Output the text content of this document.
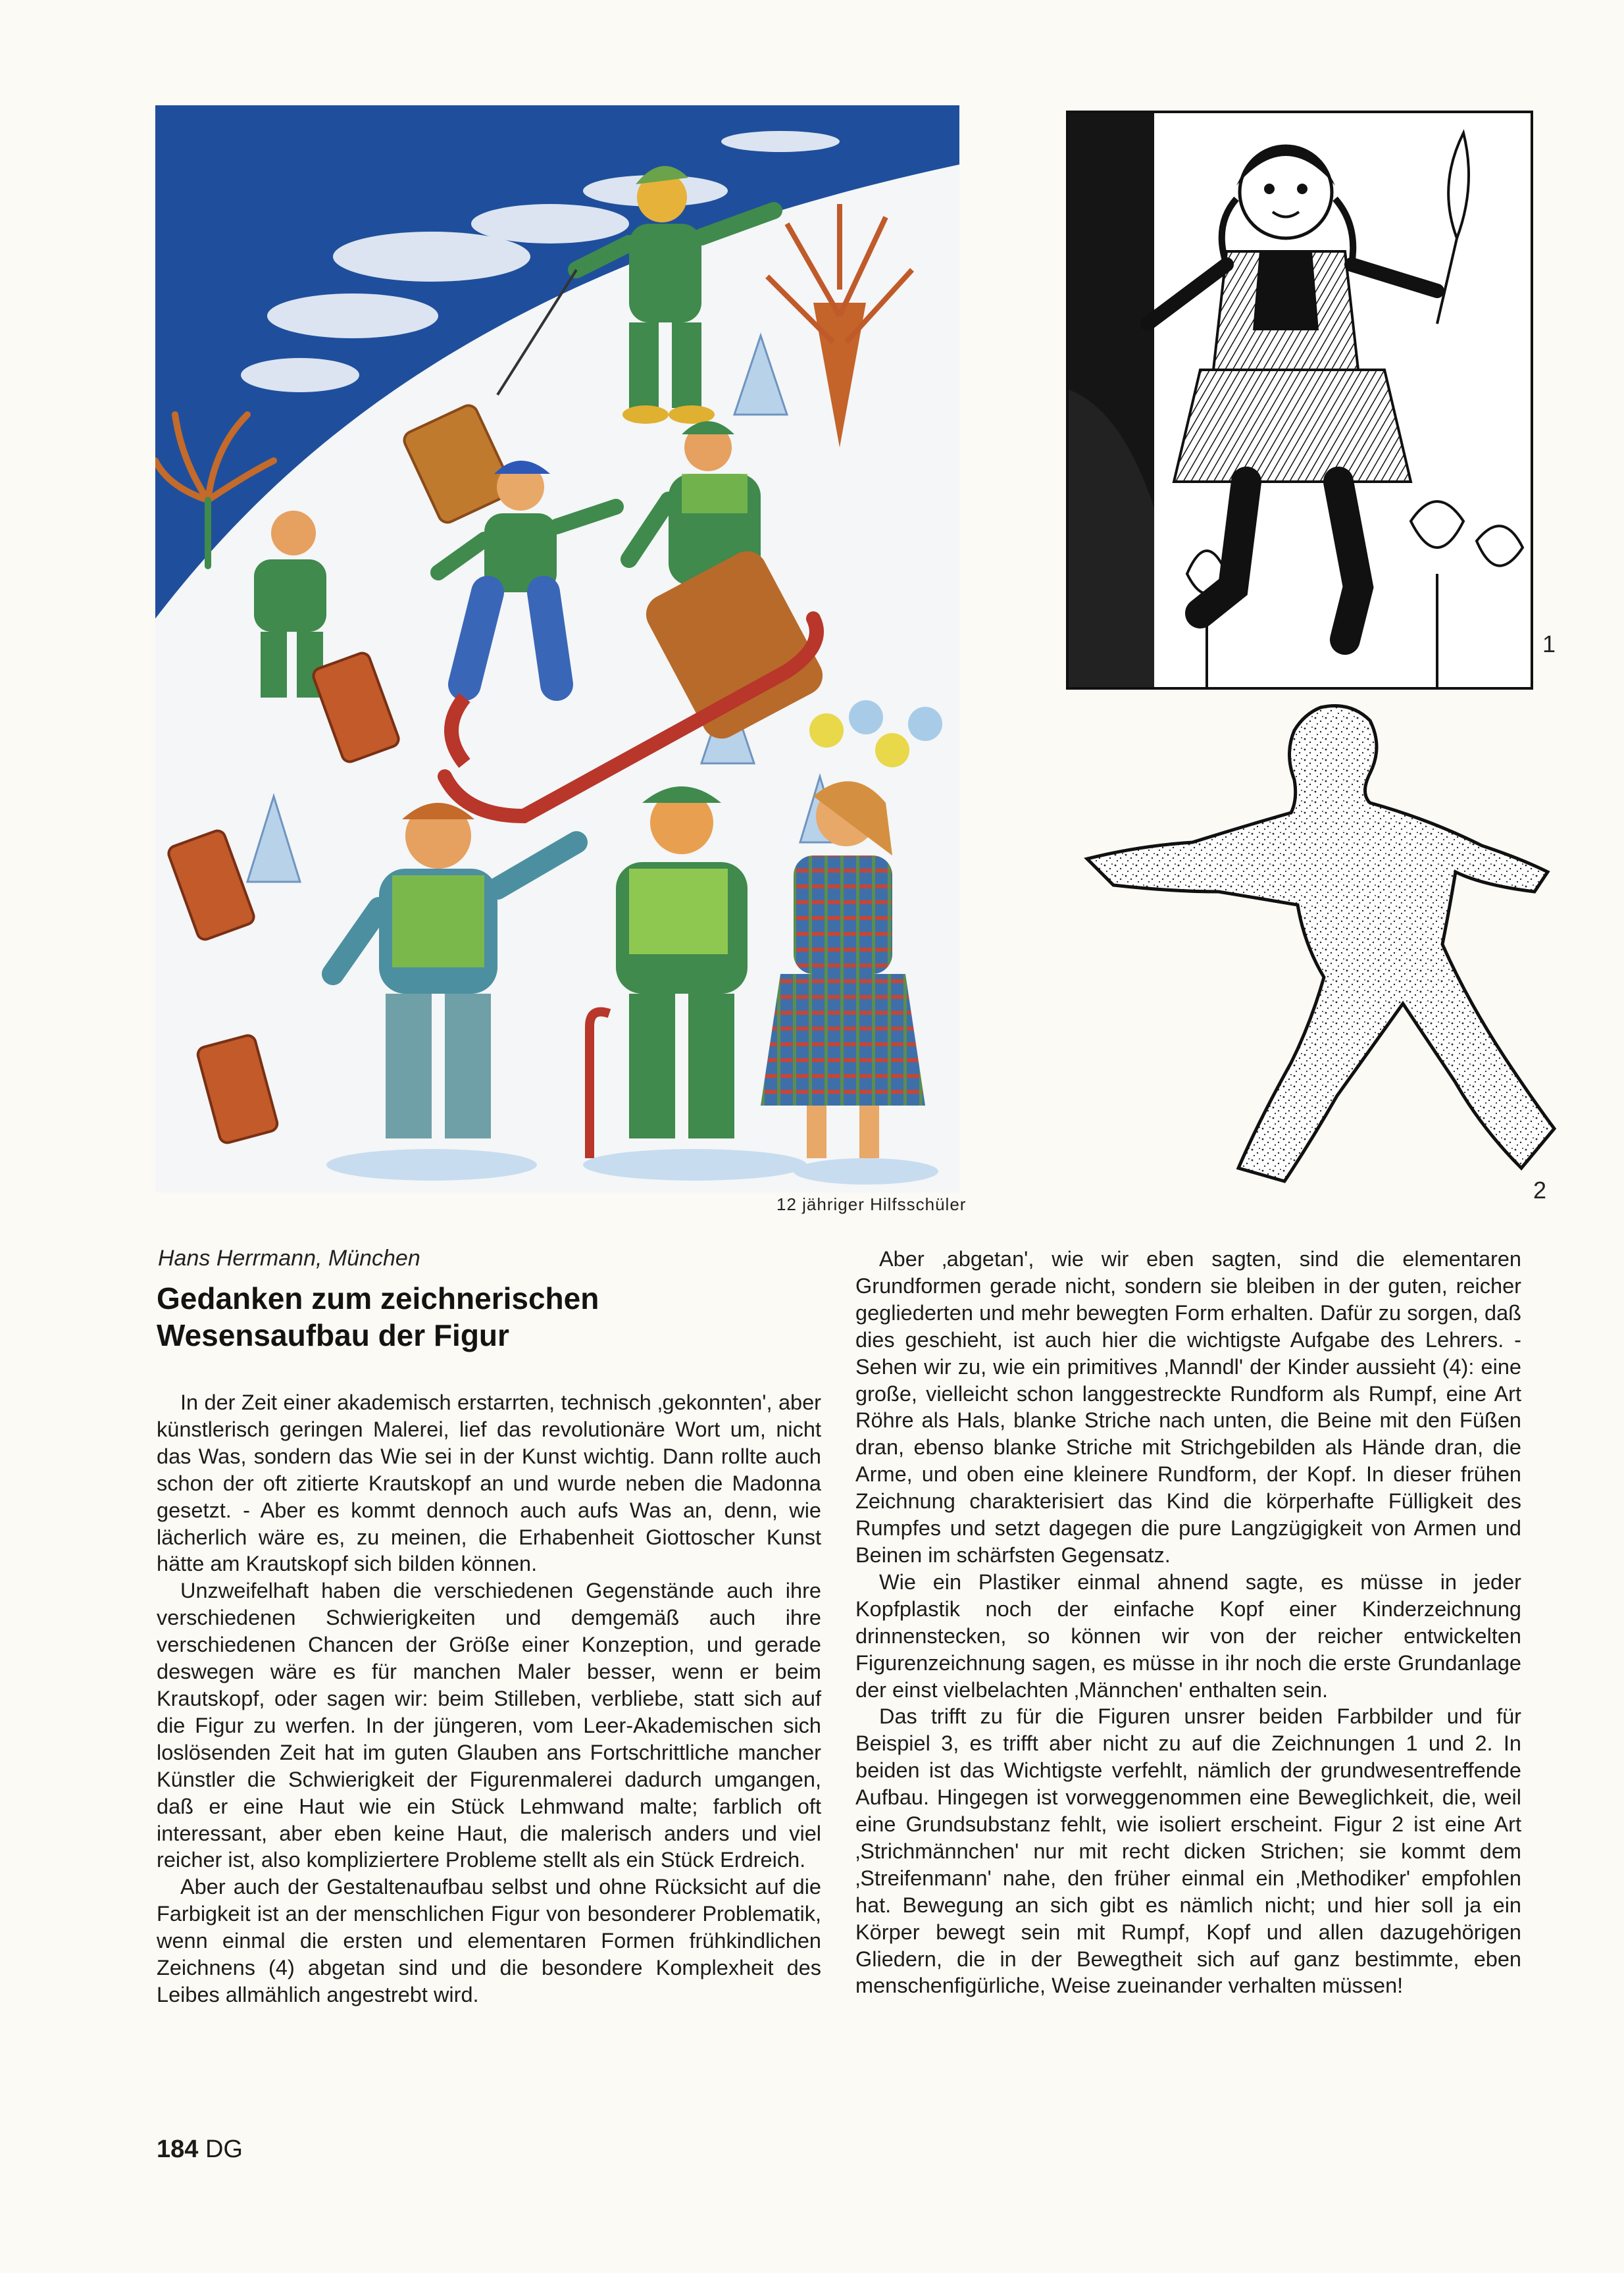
1
2
12 jähriger Hilfsschüler
Hans Herrmann, München
Gedanken zum zeichnerischen
Wesensaufbau der Figur

In der Zeit einer akademisch erstarrten, technisch ‚gekonnten', aber künstlerisch geringen Malerei, lief das revolutionäre Wort um, nicht das Was, sondern das Wie sei in der Kunst wichtig. Dann rollte auch schon der oft zitierte Krautskopf an und wurde neben die Madonna gesetzt. - Aber es kommt dennoch auch aufs Was an, denn, wie lächerlich wäre es, zu meinen, die Erhabenheit Giottoscher Kunst hätte am Krautskopf sich bilden können.

Unzweifelhaft haben die verschiedenen Gegenstände auch ihre verschiedenen Schwierigkeiten und demgemäß auch ihre verschiedenen Chancen der Größe einer Konzeption, und gerade deswegen wäre es für manchen Maler besser, wenn er beim Krautskopf, oder sagen wir: beim Stilleben, verbliebe, statt sich auf die Figur zu werfen. In der jüngeren, vom Leer-Akademischen sich loslösenden Zeit hat im guten Glauben ans Fortschrittliche mancher Künstler die Schwierigkeit der Figurenmalerei dadurch umgangen, daß er eine Haut wie ein Stück Lehmwand malte; farblich oft interessant, aber eben keine Haut, die malerisch anders und viel reicher ist, also kompliziertere Probleme stellt als ein Stück Erdreich.

Aber auch der Gestaltenaufbau selbst und ohne Rücksicht auf die Farbigkeit ist an der menschlichen Figur von besonderer Problematik, wenn einmal die ersten und elementaren Formen frühkindlichen Zeichnens (4) abgetan sind und die besondere Komplexheit des Leibes allmählich angestrebt wird.

Aber ‚abgetan', wie wir eben sagten, sind die elementaren Grundformen gerade nicht, sondern sie bleiben in der guten, reicher gegliederten und mehr bewegten Form erhalten. Dafür zu sorgen, daß dies geschieht, ist auch hier die wichtigste Aufgabe des Lehrers. - Sehen wir zu, wie ein primitives ‚Manndl' der Kinder aussieht (4): eine große, vielleicht schon langgestreckte Rundform als Rumpf, eine Art Röhre als Hals, blanke Striche nach unten, die Beine mit den Füßen dran, ebenso blanke Striche mit Strichgebilden als Hände dran, die Arme, und oben eine kleinere Rundform, der Kopf. In dieser frühen Zeichnung charakterisiert das Kind die körperhafte Fülligkeit des Rumpfes und setzt dagegen die pure Langzügigkeit von Armen und Beinen im schärfsten Gegensatz.

Wie ein Plastiker einmal ahnend sagte, es müsse in jeder Kopfplastik noch der einfache Kopf einer Kinderzeichnung drinnenstecken, so können wir von der reicher entwickelten Figurenzeichnung sagen, es müsse in ihr noch die erste Grundanlage der einst vielbelachten ‚Männchen' enthalten sein.

Das trifft zu für die Figuren unsrer beiden Farbbilder und für Beispiel 3, es trifft aber nicht zu auf die Zeichnungen 1 und 2. In beiden ist das Wichtigste verfehlt, nämlich der grundwesentreffende Aufbau. Hingegen ist vorweggenommen eine Beweglichkeit, die, weil eine Grundsubstanz fehlt, wie isoliert erscheint. Figur 2 ist eine Art ‚Strichmännchen' nur mit recht dicken Strichen; sie kommt dem ‚Streifenmann' nahe, den früher einmal ein ‚Methodiker' empfohlen hat. Bewegung an sich gibt es nämlich nicht; und hier soll ja ein Körper bewegt sein mit Rumpf, Kopf und allen dazugehörigen Gliedern, die in der Bewegtheit sich auf ganz bestimmte, eben menschenfigürliche, Weise zueinander verhalten müssen!

184 DG
